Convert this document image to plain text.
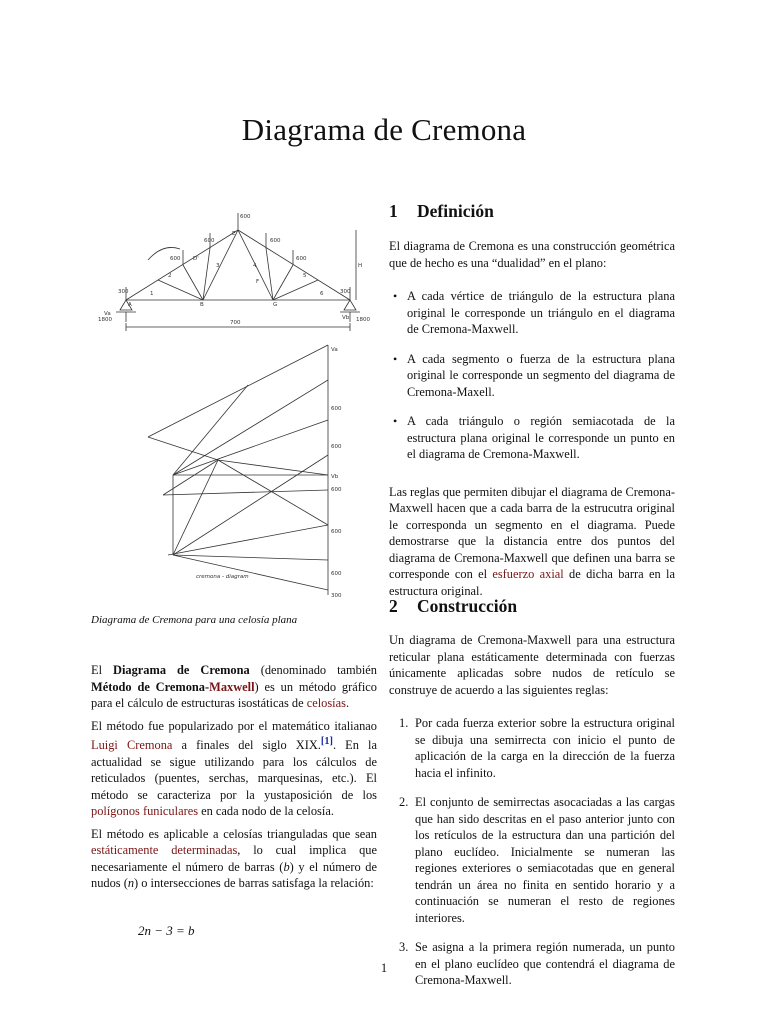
Diagrama de Cremona
600
600	600
600	600
300	300
1800	1800
700
Va
Vb
H
A	B
E
F
G
D'
1
2
3	4
5
6
Va
600
600
Vb
600
600
600
300
cremona - diagram
Diagrama de Cremona para una celosía plana

El Diagrama de Cremona (denominado también Método de Cremona-Maxwell) es un método gráfico para el cálculo de estructuras isostáticas de celosías.

El método fue popularizado por el matemático italianao Luigi Cremona a finales del siglo XIX.[1]. En la actualidad se sigue utilizando para los cálculos de reticulados (puentes, serchas, marquesinas, etc.). El método se caracteriza por la yustaposición de los polígonos funiculares en cada nodo de la celosía.

El método es aplicable a celosías trianguladas que sean estáticamente determinadas, lo cual implica que necesariamente el número de barras (b) y el número de nudos (n) o intersecciones de barras satisfaga la relación:

2n − 3 = b
1 Definición

El diagrama de Cremona es una construcción geométrica que de hecho es una “dualidad” en el plano:

• A cada vértice de triángulo de la estructura plana original le corresponde un triángulo en el diagrama de Cremona-Maxwell.
• A cada segmento o fuerza de la estructura plana original le corresponde un segmento del diagrama de Cremona-Maxell.
• A cada triángulo o región semiacotada de la estructura plana original le corresponde un punto en el diagrama de Cremona-Maxwell.

Las reglas que permiten dibujar el diagrama de Cremona-Maxwell hacen que a cada barra de la estrucutra original le corresponda un segmento en el diagrama. Puede demostrarse que la distancia entre dos puntos del diagrama de Cremona-Maxwell que definen una barra se corresponde con el esfuerzo axial de dicha barra en la estructura original.

2 Construcción

Un diagrama de Cremona-Maxwell para una estructura reticular plana estáticamente determinada con fuerzas únicamente aplicadas sobre nudos de retículo se construye de acuerdo a las siguientes reglas:

1. Por cada fuerza exterior sobre la estructura original se dibuja una semirrecta con inicio el punto de aplicación de la carga en la dirección de la fuerza hacia el infinito.
2. El conjunto de semirrectas asocaciadas a las cargas que han sido descritas en el paso anterior junto con los retículos de la estructura dan una partición del plano euclídeo. Inicialmente se numeran las regiones exteriores o semiacotadas que en general tendrán un área no finita en sentido horario y a continuación se numeran el resto de regiones interiores.
3. Se asigna a la primera región numerada, un punto en el plano euclídeo que contendrá el diagrama de Cremona-Maxwell.
1
